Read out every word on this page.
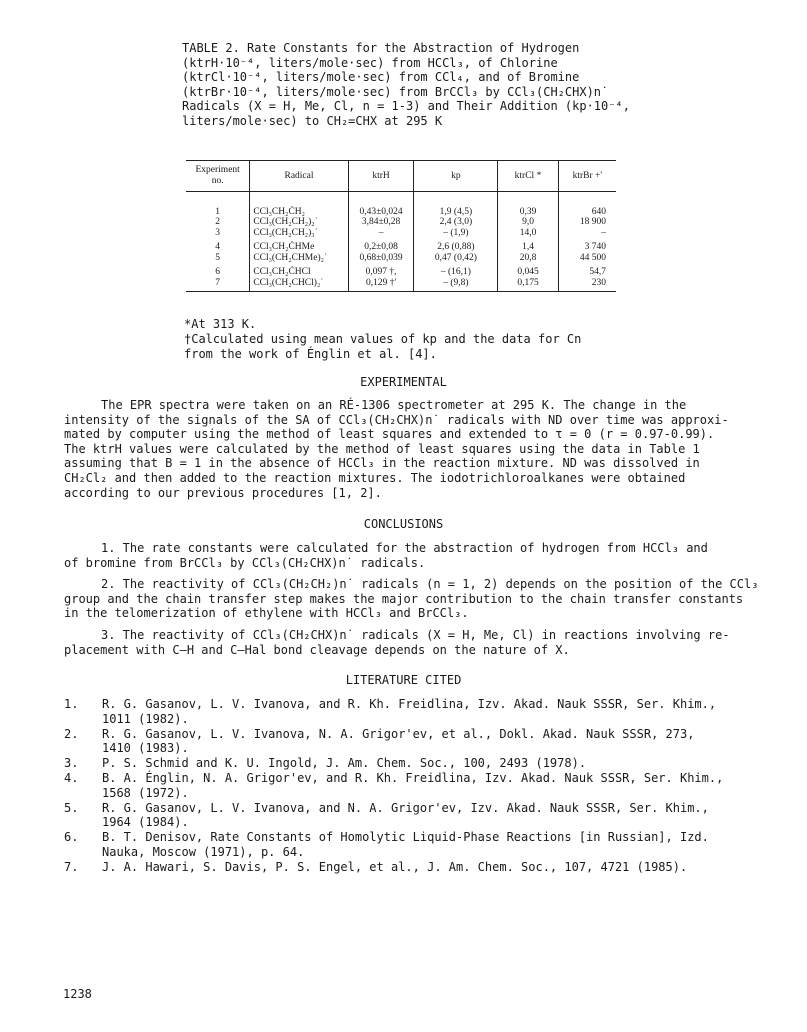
TABLE 2. Rate Constants for the Abstraction of Hydrogen
(ktrH·10⁻⁴, liters/mole·sec) from HCCl₃, of Chlorine
(ktrCl·10⁻⁴, liters/mole·sec) from CCl₄, and of Bromine
(ktrBr·10⁻⁴, liters/mole·sec) from BrCCl₃ by CCl₃(CH₂CHX)n˙
Radicals (X = H, Me, Cl, n = 1-3) and Their Addition (kp·10⁻⁴,
liters/mole·sec) to CH₂=CHX at 295 K
Experiment no.	Radical	ktrH	kp	ktrCl *	ktrBr +'

1	CCl₃CH₂ĊH₂	0,43±0,024	1,9 (4,5)	0,39	640
2	CCl₃(CH₂CH₂)₂˙	3,84±0,28	2,4 (3,0)	9,0	18 900
3	CCl₃(CH₂CH₂)₃˙	–	– (1,9)	14,0	–
4	CCl₃CH₂ĊHMe	0,2±0,08	2,6 (0,88)	1,4	3 740
5	CCl₃(CH₂CHMe)₂˙	0,68±0,039	0,47 (0,42)	20,8	44 500
6	CCl₃CH₂ĊHCl	0,097 †,	– (16,1)	0,045	54,7
7	CCl₃(CH₂CHCl)₂˙	0,129 †'	– (9,8)	0,175	230
*At 313 K.
†Calculated using mean values of kp and the data for Cn
from the work of Énglin et al. [4].
EXPERIMENTAL
The EPR spectra were taken on an RÉ-1306 spectrometer at 295 K. The change in the
intensity of the signals of the SA of CCl₃(CH₂CHX)n˙ radicals with ND over time was approxi-
mated by computer using the method of least squares and extended to τ = 0 (r = 0.97-0.99).
The ktrH values were calculated by the method of least squares using the data in Table 1
assuming that B = 1 in the absence of HCCl₃ in the reaction mixture. ND was dissolved in
CH₂Cl₂ and then added to the reaction mixtures. The iodotrichloroalkanes were obtained
according to our previous procedures [1, 2].
CONCLUSIONS
1. The rate constants were calculated for the abstraction of hydrogen from HCCl₃ and
of bromine from BrCCl₃ by CCl₃(CH₂CHX)n˙ radicals.
2. The reactivity of CCl₃(CH₂CH₂)n˙ radicals (n = 1, 2) depends on the position of the CCl₃
group and the chain transfer step makes the major contribution to the chain transfer constants
in the telomerization of ethylene with HCCl₃ and BrCCl₃.
3. The reactivity of CCl₃(CH₂CHX)n˙ radicals (X = H, Me, Cl) in reactions involving re-
placement with C–H and C–Hal bond cleavage depends on the nature of X.
LITERATURE CITED
1.	R. G. Gasanov, L. V. Ivanova, and R. Kh. Freidlina, Izv. Akad. Nauk SSSR, Ser. Khim.,
1011 (1982).
2.	R. G. Gasanov, L. V. Ivanova, N. A. Grigor'ev, et al., Dokl. Akad. Nauk SSSR, 273,
1410 (1983).
3.	P. S. Schmid and K. U. Ingold, J. Am. Chem. Soc., 100, 2493 (1978).
4.	B. A. Énglin, N. A. Grigor'ev, and R. Kh. Freidlina, Izv. Akad. Nauk SSSR, Ser. Khim.,
1568 (1972).
5.	R. G. Gasanov, L. V. Ivanova, and N. A. Grigor'ev, Izv. Akad. Nauk SSSR, Ser. Khim.,
1964 (1984).
6.	B. T. Denisov, Rate Constants of Homolytic Liquid-Phase Reactions [in Russian], Izd.
Nauka, Moscow (1971), p. 64.
7.	J. A. Hawari, S. Davis, P. S. Engel, et al., J. Am. Chem. Soc., 107, 4721 (1985).
1238
